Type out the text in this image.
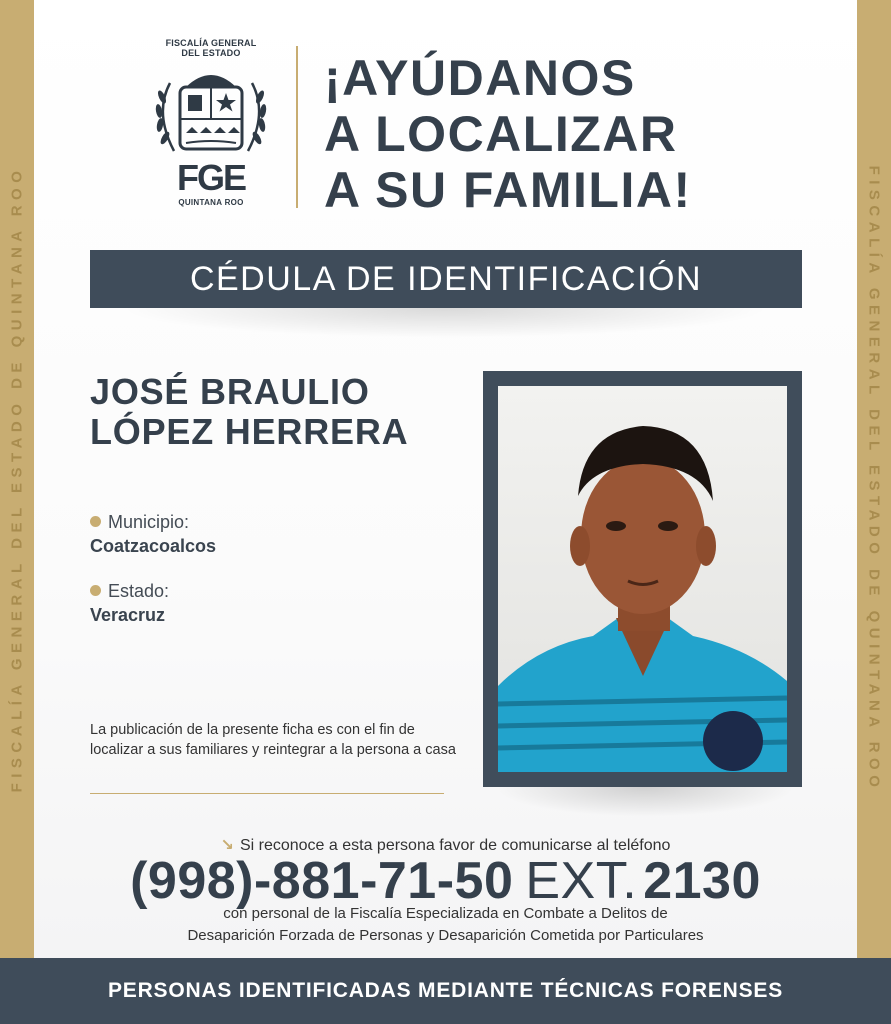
FISCALÍA GENERAL DEL ESTADO DE QUINTANA ROO	FISCALÍA GENERAL DEL ESTADO DE QUINTANA ROO
FISCALÍA GENERAL
DEL ESTADO
FGE
QUINTANA ROO
¡AYÚDANOS
A LOCALIZAR
A SU FAMILIA!
CÉDULA DE IDENTIFICACIÓN
JOSÉ BRAULIO
LÓPEZ HERRERA
Municipio:
Coatzacoalcos
Estado:
Veracruz
La publicación de la presente ficha es con el fin de localizar a sus familiares y reintegrar a la persona a casa
↘ Si reconoce a esta persona favor de comunicarse al teléfono
(998)-881-71-50 EXT. 2130
con personal de la Fiscalía Especializada en Combate a Delitos de
Desaparición Forzada de Personas y Desaparición Cometida por Particulares
PERSONAS IDENTIFICADAS MEDIANTE TÉCNICAS FORENSES
